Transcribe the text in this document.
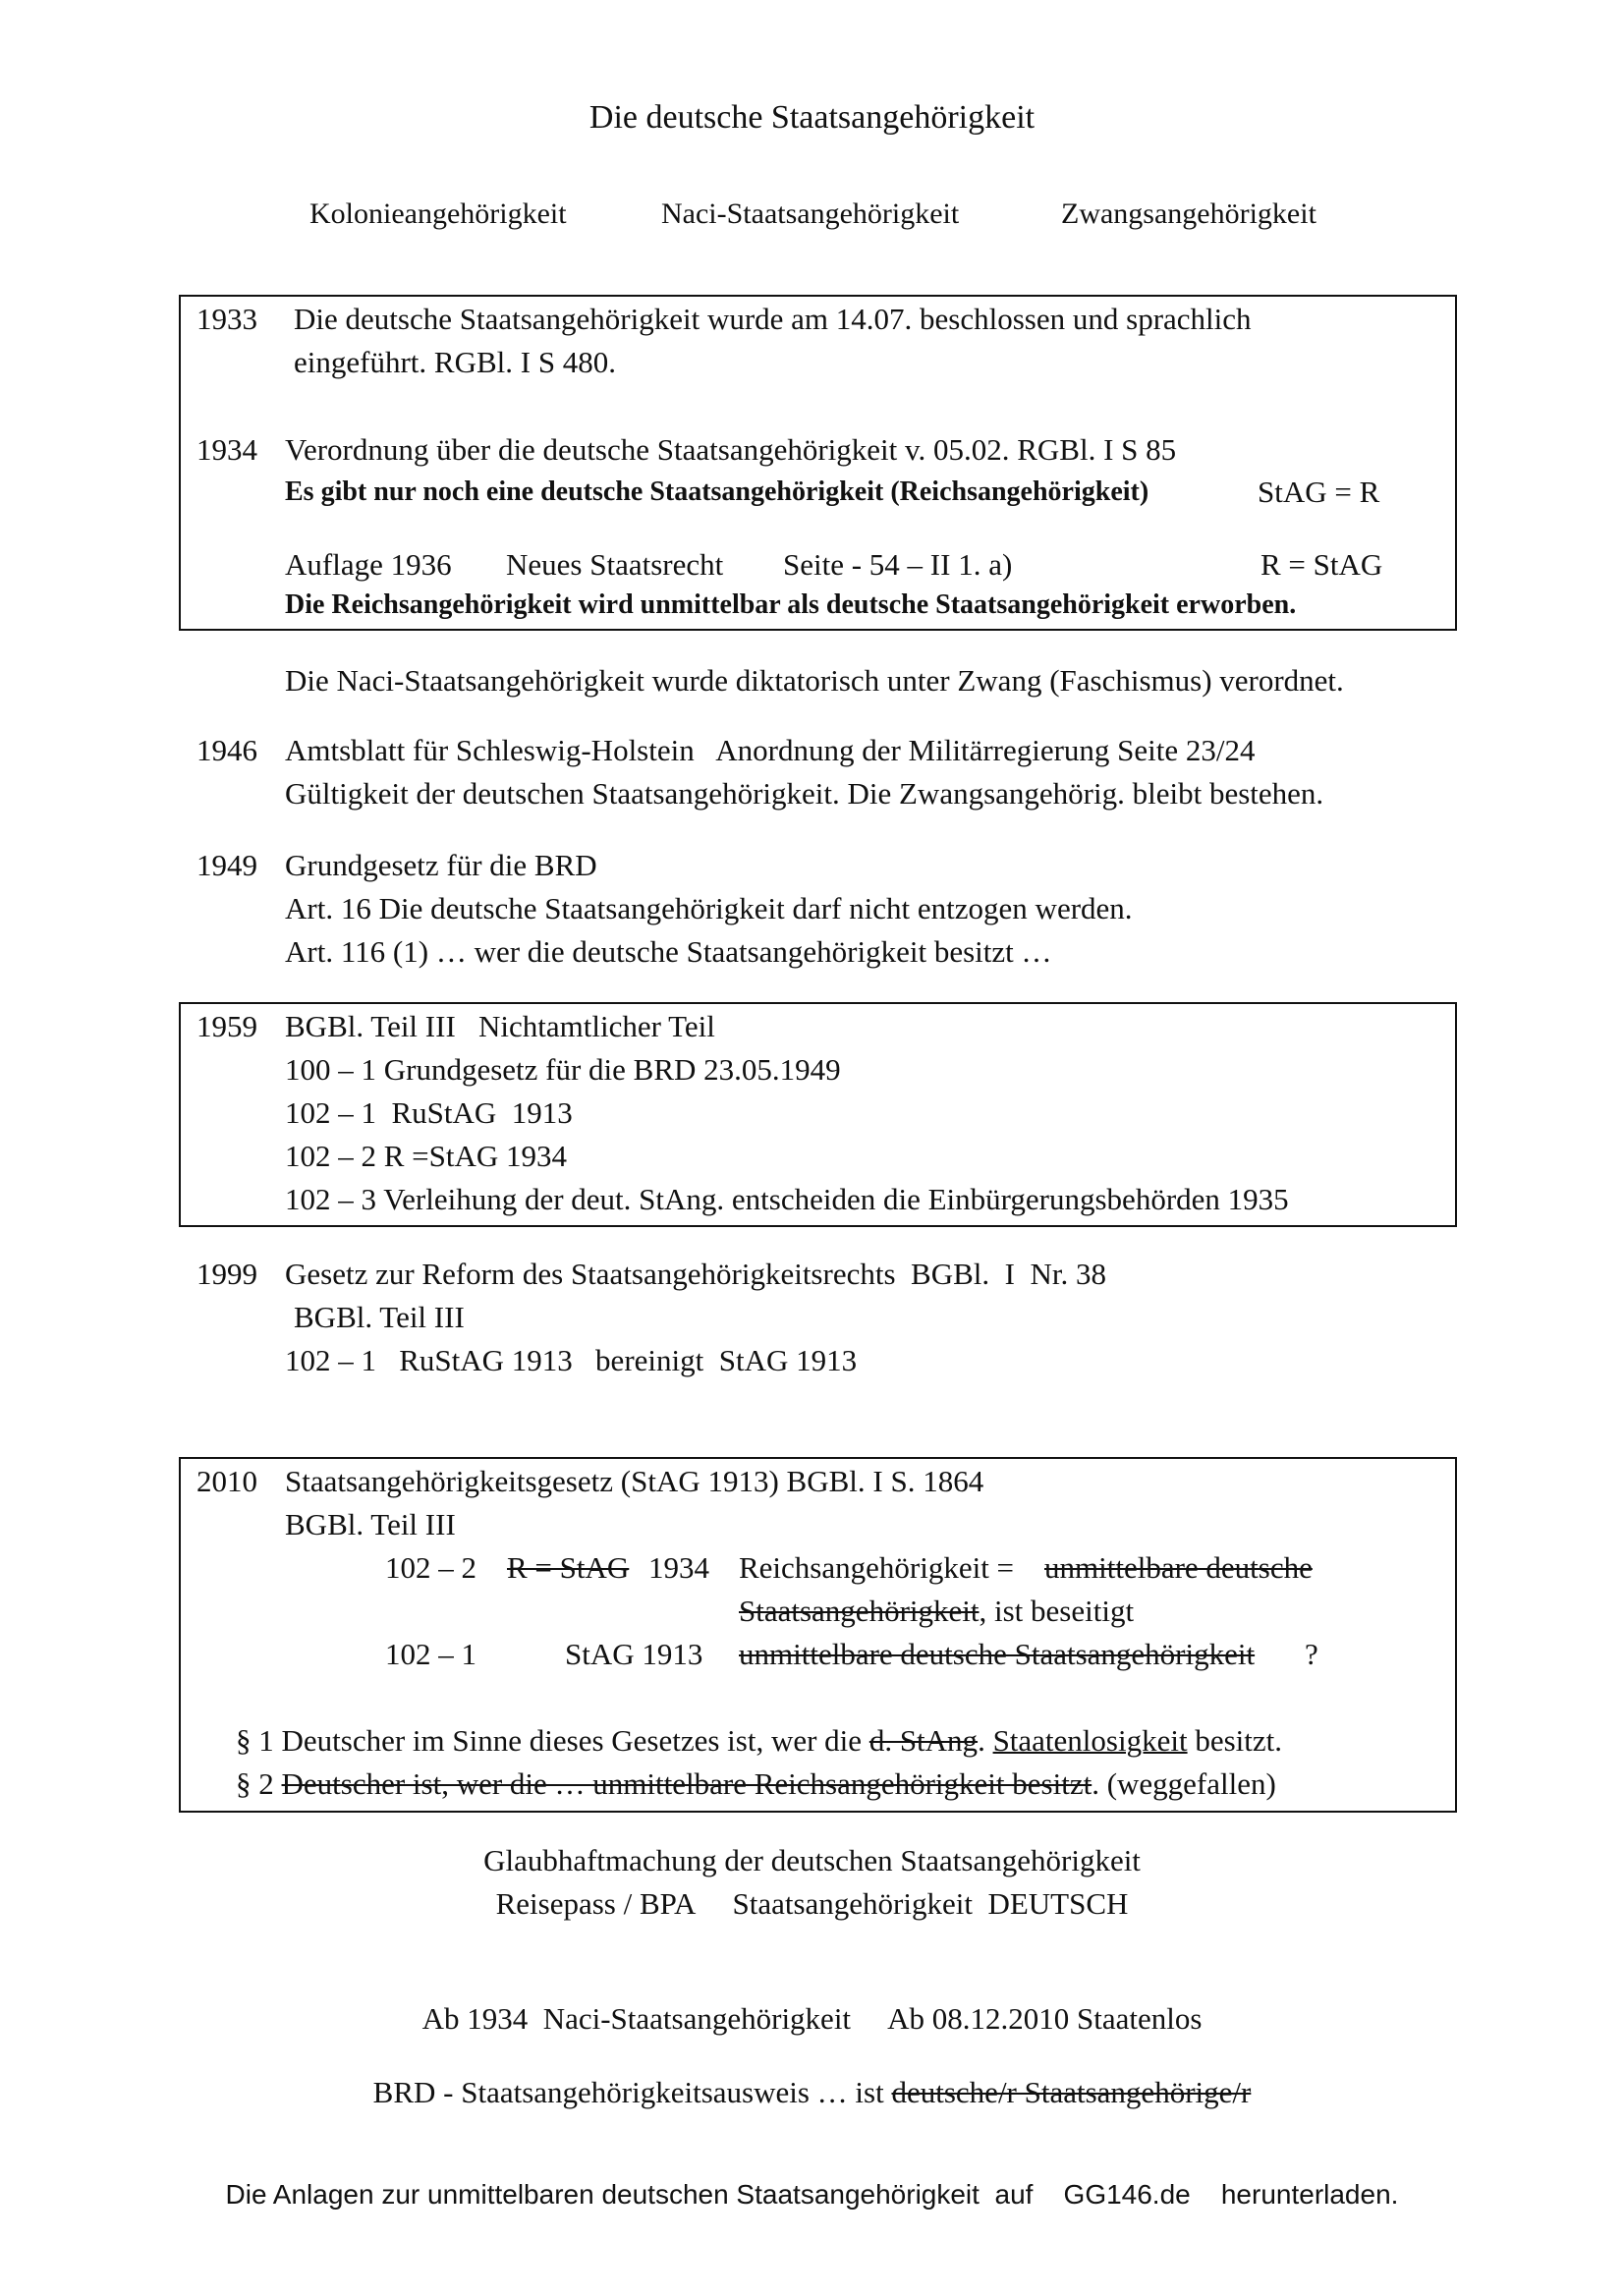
Die deutsche Staatsangehörigkeit
Kolonieangehörigkeit	Naci-Staatsangehörigkeit	Zwangsangehörigkeit
1933 Die deutsche Staatsangehörigkeit wurde am 14.07. beschlossen und sprachlich
eingeführt. RGBl. I S 480.
1934 Verordnung über die deutsche Staatsangehörigkeit v. 05.02. RGBl. I S 85
Es gibt nur noch eine deutsche Staatsangehörigkeit (Reichsangehörigkeit)	StAG = R
Auflage 1936 Neues Staatsrecht Seite - 54 – II 1. a)	R = StAG
Die Reichsangehörigkeit wird unmittelbar als deutsche Staatsangehörigkeit erworben.
Die Naci-Staatsangehörigkeit wurde diktatorisch unter Zwang (Faschismus) verordnet.
1946 Amtsblatt für Schleswig-Holstein   Anordnung der Militärregierung Seite 23/24
Gültigkeit der deutschen Staatsangehörigkeit. Die Zwangsangehörig. bleibt bestehen.
1949 Grundgesetz für die BRD
Art. 16 Die deutsche Staatsangehörigkeit darf nicht entzogen werden.
Art. 116 (1) … wer die deutsche Staatsangehörigkeit besitzt …
1959 BGBl. Teil III   Nichtamtlicher Teil
100 – 1 Grundgesetz für die BRD 23.05.1949
102 – 1  RuStAG  1913
102 – 2 R =StAG 1934
102 – 3 Verleihung der deut. StAng. entscheiden die Einbürgerungsbehörden 1935
1999 Gesetz zur Reform des Staatsangehörigkeitsrechts  BGBl.  I  Nr. 38
BGBl. Teil III
102 – 1   RuStAG 1913   bereinigt  StAG 1913
2010 Staatsangehörigkeitsgesetz (StAG 1913) BGBl. I S. 1864
BGBl. Teil III
102 – 2 R = StAG 1934 Reichsangehörigkeit = unmittelbare deutsche
Staatsangehörigkeit, ist beseitigt
102 – 1	StAG 1913 unmittelbare deutsche Staatsangehörigkeit ?
§ 1 Deutscher im Sinne dieses Gesetzes ist, wer die d. StAng. Staatenlosigkeit besitzt.
§ 2 Deutscher ist, wer die … unmittelbare Reichsangehörigkeit besitzt. (weggefallen)
Glaubhaftmachung der deutschen Staatsangehörigkeit
Reisepass / BPA     Staatsangehörigkeit  DEUTSCH
Ab 1934  Naci-Staatsangehörigkeit     Ab 08.12.2010 Staatenlos
BRD - Staatsangehörigkeitsausweis … ist deutsche/r Staatsangehörige/r
Die Anlagen zur unmittelbaren deutschen Staatsangehörigkeit  auf    GG146.de    herunterladen.
